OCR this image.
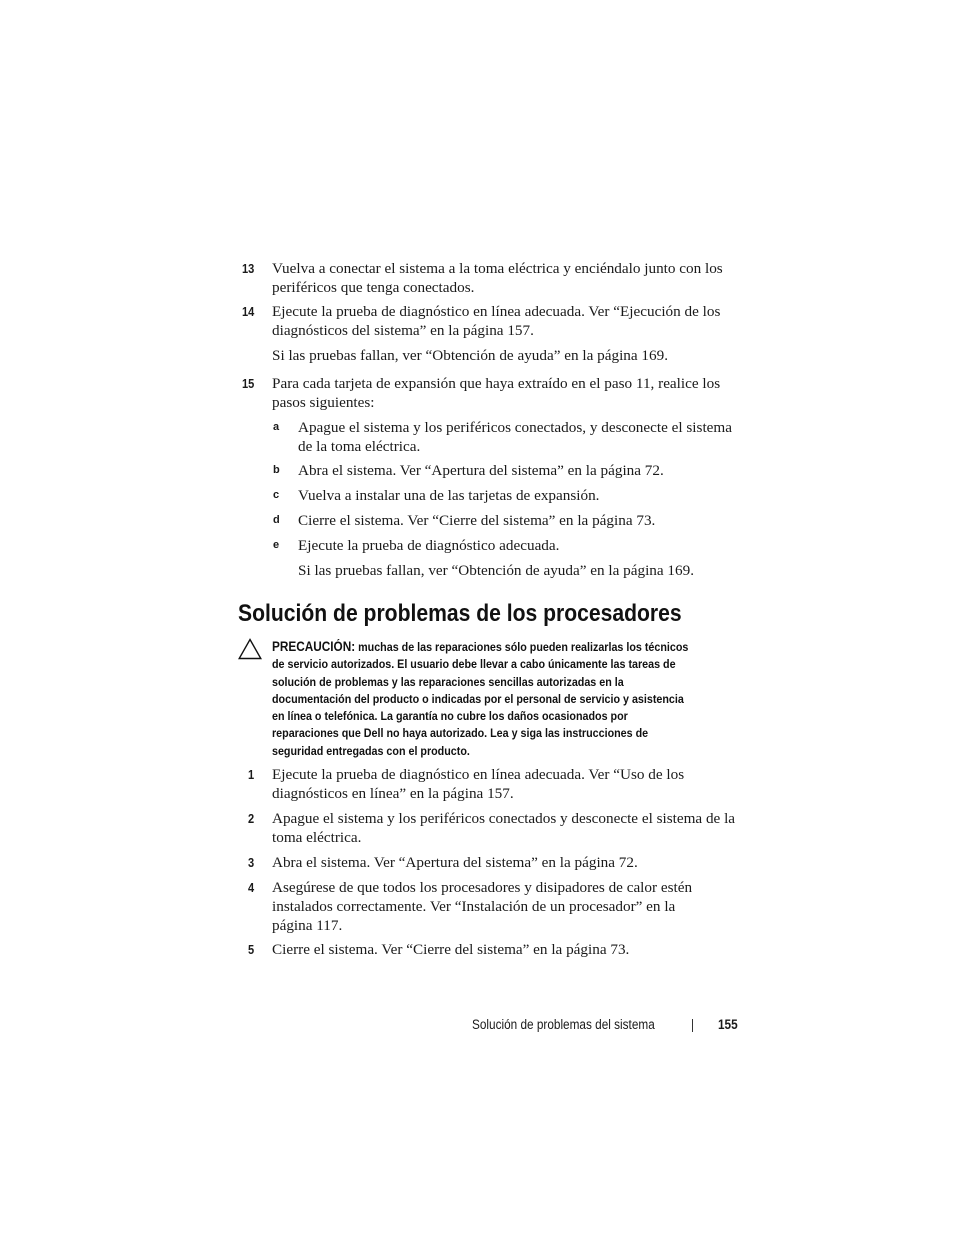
13 Vuelva a conectar el sistema a la toma eléctrica y enciéndalo junto con los
periféricos que tenga conectados.
14 Ejecute la prueba de diagnóstico en línea adecuada. Ver “Ejecución de los
diagnósticos del sistema” en la página 157.
Si las pruebas fallan, ver “Obtención de ayuda” en la página 169.
15 Para cada tarjeta de expansión que haya extraído en el paso 11, realice los
pasos siguientes:
a Apague el sistema y los periféricos conectados, y desconecte el sistema
de la toma eléctrica.
b Abra el sistema. Ver “Apertura del sistema” en la página 72.
c Vuelva a instalar una de las tarjetas de expansión.
d Cierre el sistema. Ver “Cierre del sistema” en la página 73.
e Ejecute la prueba de diagnóstico adecuada.
Si las pruebas fallan, ver “Obtención de ayuda” en la página 169.
Solución de problemas de los procesadores
PRECAUCIÓN: muchas de las reparaciones sólo pueden realizarlas los técnicos
de servicio autorizados. El usuario debe llevar a cabo únicamente las tareas de
solución de problemas y las reparaciones sencillas autorizadas en la
documentación del producto o indicadas por el personal de servicio y asistencia
en línea o telefónica. La garantía no cubre los daños ocasionados por
reparaciones que Dell no haya autorizado. Lea y siga las instrucciones de
seguridad entregadas con el producto.
1 Ejecute la prueba de diagnóstico en línea adecuada. Ver “Uso de los
diagnósticos en línea” en la página 157.
2 Apague el sistema y los periféricos conectados y desconecte el sistema de la
toma eléctrica.
3 Abra el sistema. Ver “Apertura del sistema” en la página 72.
4 Asegúrese de que todos los procesadores y disipadores de calor estén
instalados correctamente. Ver “Instalación de un procesador” en la
página 117.
5 Cierre el sistema. Ver “Cierre del sistema” en la página 73.
Solución de problemas del sistema	155
